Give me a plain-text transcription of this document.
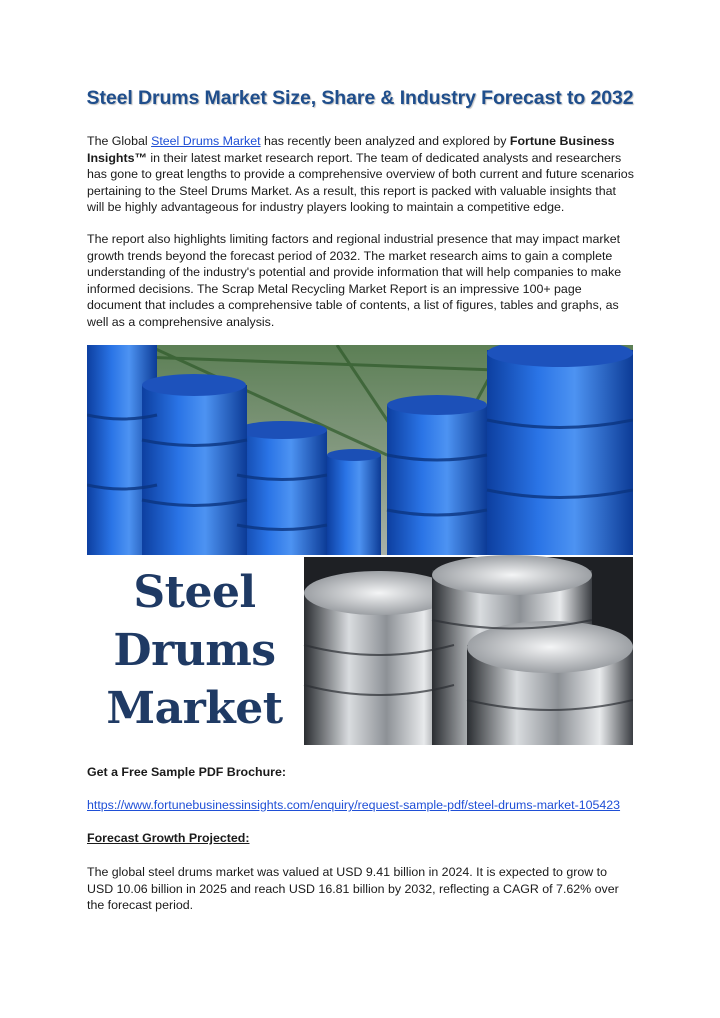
Steel Drums Market Size, Share & Industry Forecast to 2032

The Global Steel Drums Market has recently been analyzed and explored by Fortune Business Insights™ in their latest market research report. The team of dedicated analysts and researchers has gone to great lengths to provide a comprehensive overview of both current and future scenarios pertaining to the Steel Drums Market. As a result, this report is packed with valuable insights that will be highly advantageous for industry players looking to maintain a competitive edge.

The report also highlights limiting factors and regional industrial presence that may impact market growth trends beyond the forecast period of 2032. The market research aims to gain a complete understanding of the industry's potential and provide information that will help companies to make informed decisions. The Scrap Metal Recycling Market Report is an impressive 100+ page document that includes a comprehensive table of contents, a list of figures, tables and graphs, as well as a comprehensive analysis.

Steel
Drums
Market

Get a Free Sample PDF Brochure:

https://www.fortunebusinessinsights.com/enquiry/request-sample-pdf/steel-drums-market-105423

Forecast Growth Projected:

The global steel drums market was valued at USD 9.41 billion in 2024. It is expected to grow to USD 10.06 billion in 2025 and reach USD 16.81 billion by 2032, reflecting a CAGR of 7.62% over the forecast period.
